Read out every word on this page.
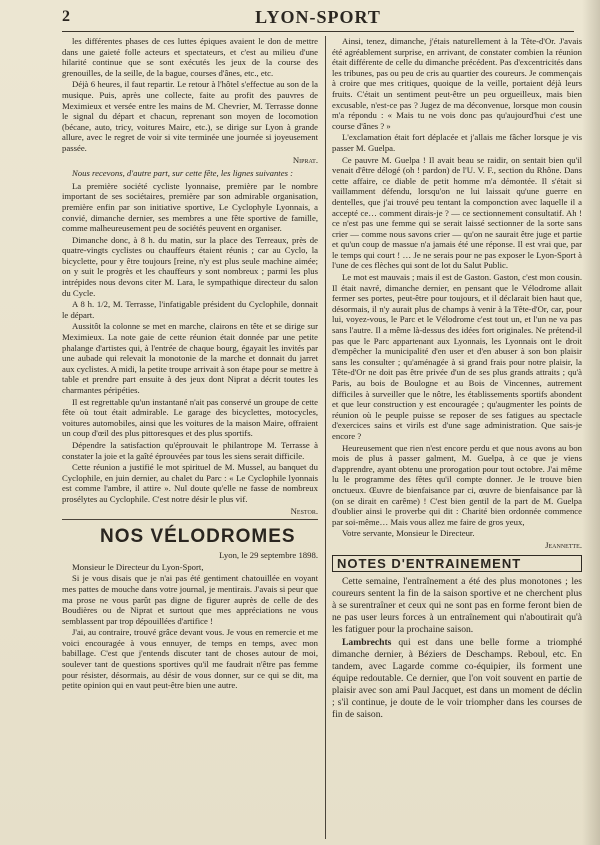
2	LYON-SPORT

les différentes phases de ces luttes épiques avaient le don de mettre dans une gaieté folle acteurs et spectateurs, et c'est au milieu d'une hilarité continue que se sont exécutés les jeux de la course des grenouilles, de la seille, de la bague, courses d'ânes, etc., etc.

Déjà 6 heures, il faut repartir. Le retour à l'hôtel s'effectue au son de la musique. Puis, après une collecte, faite au profit des pauvres de Meximieux et versée entre les mains de M. Chevrier, M. Terrasse donne le signal du départ et chacun, reprenant son moyen de locomotion (bécane, auto, tricy, voitures Mairc, etc.), se dirige sur Lyon à grande allure, avec le regret de voir si vite terminée une journée si joyeusement passée.

Niprat.

Nous recevons, d'autre part, sur cette fête, les lignes suivantes :

La première société cycliste lyonnaise, première par le nombre important de ses sociétaires, première par son admirable organisation, première enfin par son initiative sportive, Le Cyclophyle Lyonnais, a convié, dimanche dernier, ses membres a une fête sportive de famille, comme malheureusement peu de sociétés peuvent en organiser.

Dimanche donc, à 8 h. du matin, sur la place des Terreaux, près de quatre-vingts cyclistes ou chauffeurs étaient réunis ; car au Cyclo, la bicyclette, pour y être toujours [reine, n'y est plus seule machine aimée; on y suit le progrès et les chauffeurs y sont nombreux ; parmi les plus intrépides nous devons citer M. Lara, le sympathique directeur du salon du Cycle.

A 8 h. 1/2, M. Terrasse, l'infatigable président du Cyclophile, donnait le départ.

Aussitôt la colonne se met en marche, clairons en tête et se dirige sur Meximieux. La note gaie de cette réunion était donnée par une petite phalange d'artistes qui, à l'entrée de chaque bourg, égayait les invités par une aubade qui relevait la monotonie de la marche et donnait du jarret aux cyclistes. A midi, la petite troupe arrivait à son étape pour se mettre à table et prendre part ensuite à des jeux dont Niprat a décrit toutes les charmantes péripéties.

Il est regrettable qu'un instantané n'ait pas conservé un groupe de cette fête où tout était admirable. Le garage des bicyclettes, motocycles, voitures automobiles, ainsi que les voitures de la maison Maire, offraient un coup d'œil des plus pittoresques et des plus sportifs.

Dépendre la satisfaction qu'éprouvait le philantrope M. Terrasse à constater la joie et la gaîté éprouvées par tous les siens serait difficile.

Cette réunion a justifié le mot spirituel de M. Mussel, au banquet du Cyclophile, en juin dernier, au chalet du Parc : « Le Cyclophile lyonnais est comme l'ambre, il attire ». Nul doute qu'elle ne fasse de nombreux prosélytes au Cyclophile. C'est notre désir le plus vif.

Nestor.

NOS VÉLODROMES

Lyon, le 29 septembre 1898.

Monsieur le Directeur du Lyon-Sport,

Si je vous disais que je n'ai pas été gentiment chatouillée en voyant mes pattes de mouche dans votre journal, je mentirais. J'avais si peur que ma prose ne vous parût pas digne de figurer auprès de celle de des Boudières ou de Niprat et surtout que mes appréciations ne vous semblassent par trop dépouillées d'artifice !

J'ai, au contraire, trouvé grâce devant vous. Je vous en remercie et me voici encouragée à vous ennuyer, de temps en temps, avec mon babillage. C'est que j'entends discuter tant de choses autour de moi, soulever tant de questions sportives qu'il me faudrait n'être pas femme pour résister, désormais, au désir de vous donner, sur ce qui se dit, ma petite opinion qui en vaut peut-être bien une autre.

Ainsi, tenez, dimanche, j'étais naturellement à la Tête-d'Or. J'avais été agréablement surprise, en arrivant, de constater combien la réunion était différente de celle du dimanche précédent. Pas d'excentricités dans les tribunes, pas ou peu de cris au quartier des coureurs. Je commençais à croire que mes critiques, quoique de la veille, portaient déjà leurs fruits. C'était un sentiment peut-être un peu orgueilleux, mais bien excusable, n'est-ce pas ? Jugez de ma déconvenue, lorsque mon cousin m'a répondu : « Mais tu ne vois donc pas qu'aujourd'hui c'est une course d'ânes ? »

L'exclamation était fort déplacée et j'allais me fâcher lorsque je vis passer M. Guelpa.

Ce pauvre M. Guelpa ! Il avait beau se raidir, on sentait bien qu'il venait d'être délogé (oh ! pardon) de l'U. V. F., section du Rhône. Dans cette affaire, ce diable de petit homme m'a démontée. Il s'était si vaillamment défendu, lorsqu'on ne lui laissait qu'une guerre en dentelles, que j'ai trouvé peu tentant la componction avec laquelle il a accepté ce… comment dirais-je ? — ce sectionnement consultatif. Ah ! ce n'est pas une femme qui se serait laissé sectionner de la sorte sans crier — comme nous savons crier — qu'on ne saurait être juge et partie et qu'un coup de massue n'a jamais été une réponse. Il est vrai que, par le temps qui court ! … Je ne serais pour ne pas exposer le Lyon-Sport à l'une de ces flèches qui sont de lot du Salut Public.

Le mot est mauvais ; mais il est de Gaston. Gaston, c'est mon cousin. Il était navré, dimanche dernier, en pensant que le Vélodrome allait fermer ses portes, peut-être pour toujours, et il déclarait bien haut que, désormais, il n'y aurait plus de champs à venir à la Tête-d'Or, car, pour lui, voyez-vous, le Parc et le Vélodrome c'est tout un, et l'un ne va pas sans l'autre. Il a même là-dessus des idées fort originales. Ne prétend-il pas que le Parc appartenant aux Lyonnais, les Lyonnais ont le droit d'empêcher la municipalité d'en user et d'en abuser à son bon plaisir sans les consulter ; qu'aménagée à si grand frais pour notre plaisir, la Tête-d'Or ne doit pas être privée d'un de ses plus grands attraits ; qu'à Paris, au bois de Boulogne et au Bois de Vincennes, autrement difficiles à surveiller que le nôtre, les établissements sportifs abondent et que leur construction y est encouragée ; qu'augmenter les points de réunion où le peuple puisse se reposer de ses fatigues au spectacle d'exercices sains et virils est d'une sage administration. Que sais-je encore ?

Heureusement que rien n'est encore perdu et que nous avons au bon mois de plus à passer galment, M. Guelpa, à ce que je viens d'apprendre, ayant obtenu une prorogation pour tout octobre. J'ai même lu le programme des fêtes qu'il compte donner. Je le trouve bien onctueux. Œuvre de bienfaisance par ci, œuvre de bienfaisance par là (on se dirait en carême) ! C'est bien gentil de la part de M. Guelpa d'oublier ainsi le proverbe qui dit : Charité bien ordonnée commence par soi-même… Mais vous allez me faire de gros yeux,

Votre servante, Monsieur le Directeur.

Jeannette.

NOTES D'ENTRAINEMENT

Cette semaine, l'entraînement a été des plus monotones ; les coureurs sentent la fin de la saison sportive et ne cherchent plus à se surentraîner et ceux qui ne sont pas en forme feront bien de ne pas user leurs forces à un entraînement qui n'aboutirait qu'à les fatiguer pour la prochaine saison.

Lambrechts qui est dans une belle forme a triomphé dimanche dernier, à Béziers de Deschamps. Reboul, etc. En tandem, avec Lagarde comme co-équipier, ils forment une équipe redoutable. Ce dernier, que l'on voit souvent en partie de plaisir avec son ami Paul Jacquet, est dans un moment de déclin ; s'il continue, je doute de le voir triompher dans les courses de fin de saison.
